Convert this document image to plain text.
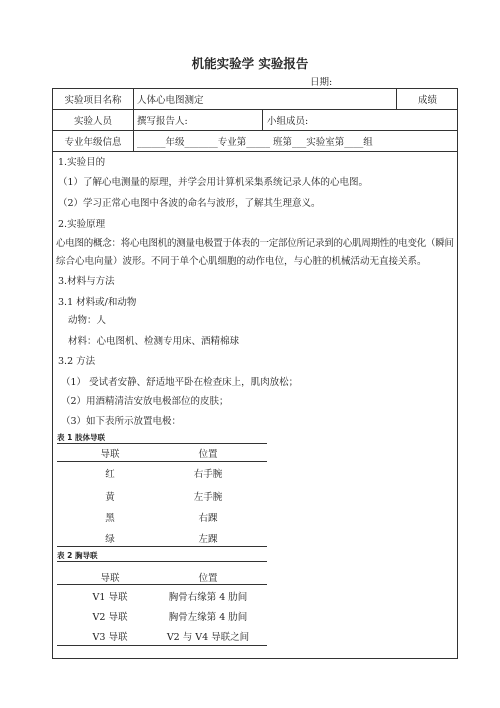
机能实验学 实验报告
日期:
实验项目名称	人体心电图测定	成绩
实验人员	撰写报告人:	小组成员:
专业年级信息	______年级_______专业第_____ 班第___实验室第____组
1.实验目的
（1）了解心电测量的原理，并学会用计算机采集系统记录人体的心电图。
（2）学习正常心电图中各波的命名与波形，了解其生理意义。
2.实验原理
心电图的概念：将心电图机的测量电极置于体表的一定部位所记录到的心肌周期性的电变化（瞬间
综合心电向量）波形。不同于单个心肌细胞的动作电位，与心脏的机械活动无直接关系。
3.材料与方法
3.1 材料或/和动物
动物：人
材料：心电图机、检测专用床、酒精棉球
3.2 方法
（1） 受试者安静、舒适地平卧在检查床上，肌肉放松；
（2）用酒精清洁安放电极部位的皮肤；
（3）如下表所示放置电极：
表 1 肢体导联
导联	位置
红	右手腕
黄	左手腕
黑	右踝
绿	左踝
表 2 胸导联
导联	位置
V1 导联	胸骨右缘第 4 肋间
V2 导联	胸骨左缘第 4 肋间
V3 导联	V2 与 V4 导联之间
